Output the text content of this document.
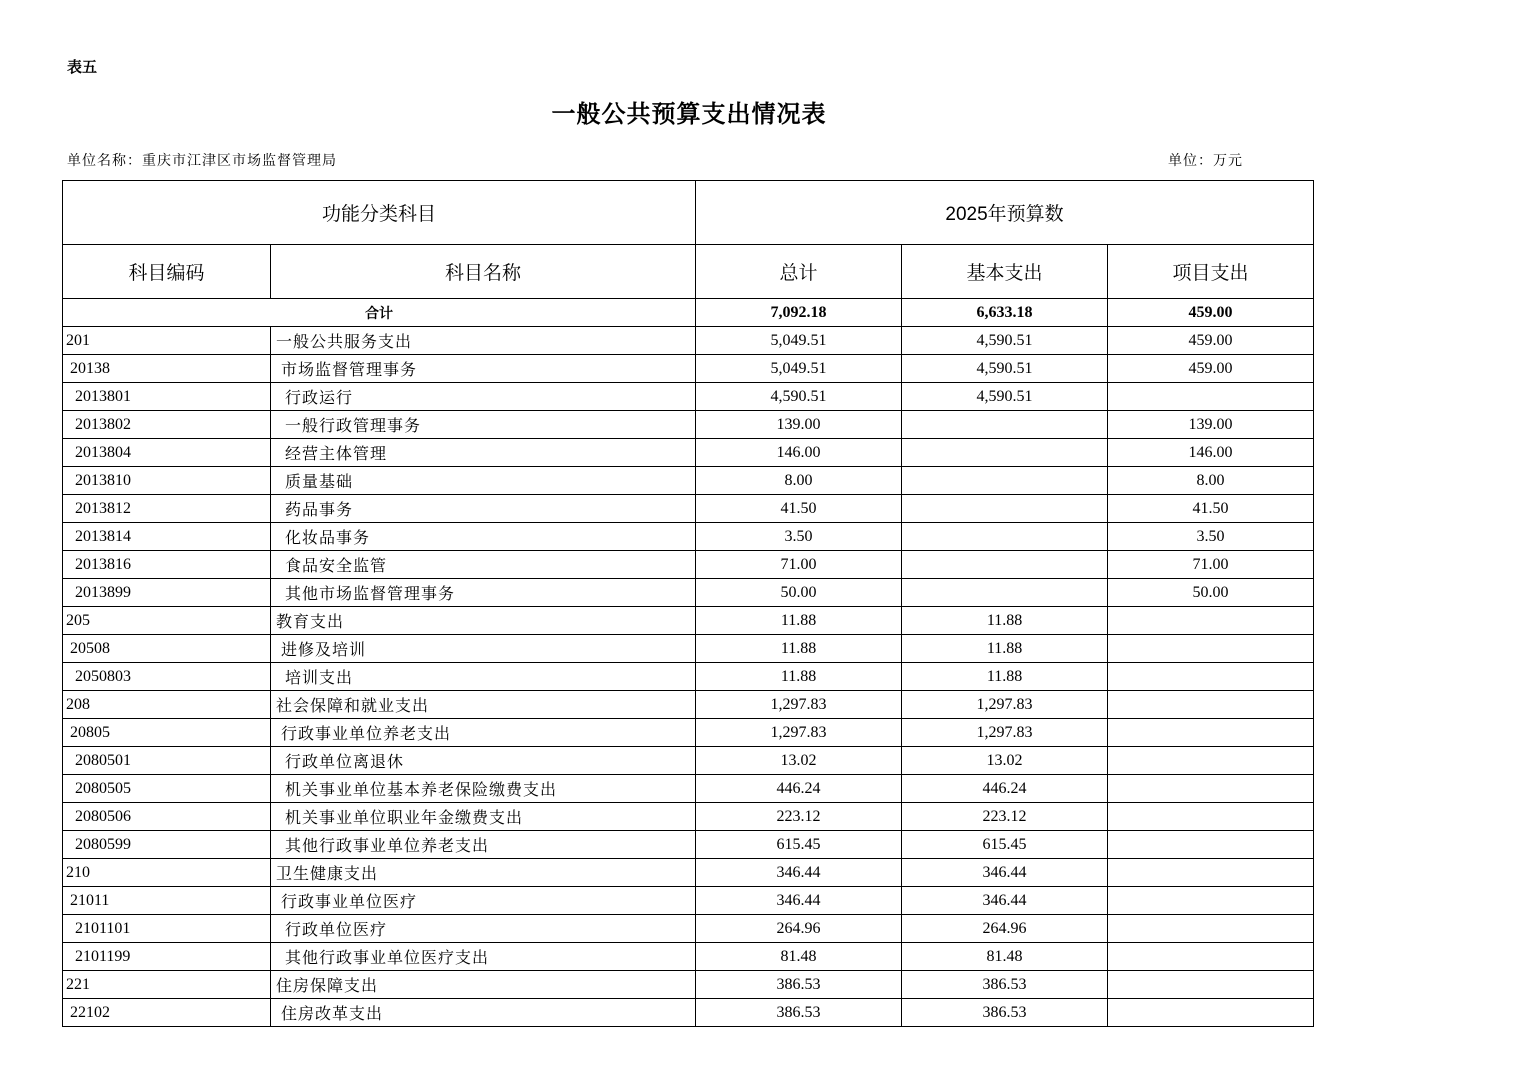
表五
一般公共预算支出情况表
单位名称：重庆市江津区市场监督管理局	单位：万元
功能分类科目		2025年预算数		
科目编码	科目名称	总计	基本支出	项目支出
合计		7,092.18	6,633.18	459.00
201	一般公共服务支出	5,049.51	4,590.51	459.00
20138	市场监督管理事务	5,049.51	4,590.51	459.00
2013801	行政运行	4,590.51	4,590.51	
2013802	一般行政管理事务	139.00		139.00
2013804	经营主体管理	146.00		146.00
2013810	质量基础	8.00		8.00
2013812	药品事务	41.50		41.50
2013814	化妆品事务	3.50		3.50
2013816	食品安全监管	71.00		71.00
2013899	其他市场监督管理事务	50.00		50.00
205	教育支出	11.88	11.88	
20508	进修及培训	11.88	11.88	
2050803	培训支出	11.88	11.88	
208	社会保障和就业支出	1,297.83	1,297.83	
20805	行政事业单位养老支出	1,297.83	1,297.83	
2080501	行政单位离退休	13.02	13.02	
2080505	机关事业单位基本养老保险缴费支出	446.24	446.24	
2080506	机关事业单位职业年金缴费支出	223.12	223.12	
2080599	其他行政事业单位养老支出	615.45	615.45	
210	卫生健康支出	346.44	346.44	
21011	行政事业单位医疗	346.44	346.44	
2101101	行政单位医疗	264.96	264.96	
2101199	其他行政事业单位医疗支出	81.48	81.48	
221	住房保障支出	386.53	386.53	
22102	住房改革支出	386.53	386.53	
